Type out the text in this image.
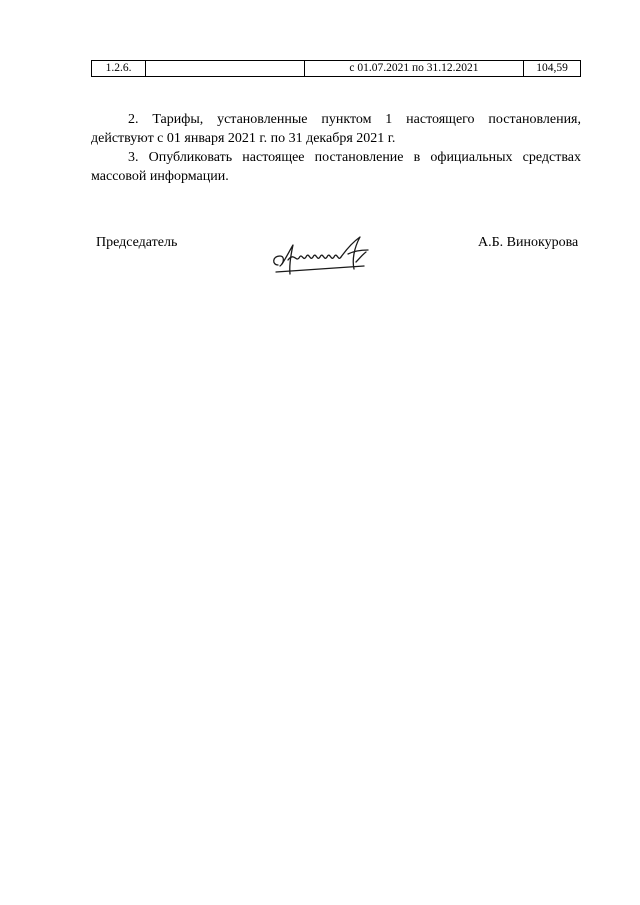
1.2.6.		с 01.07.2021 по 31.12.2021	104,59
2. Тарифы, установленные пунктом 1 настоящего постановления, действуют с 01 января 2021 г. по 31 декабря 2021 г.
3. Опубликовать настоящее постановление в официальных средствах массовой информации.
Председатель	А.Б. Винокурова
